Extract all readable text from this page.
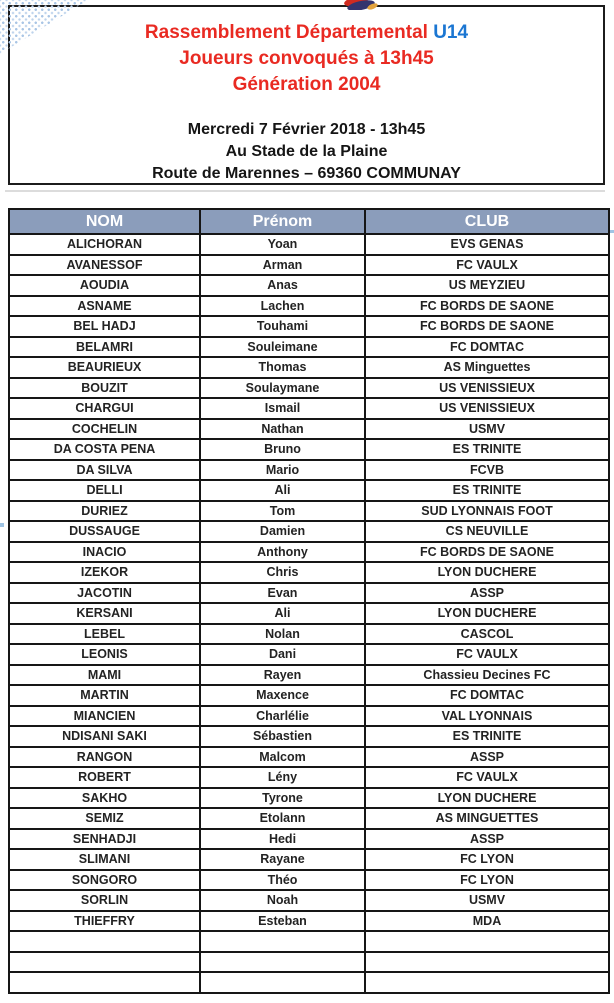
Rassemblement Départemental U14
Joueurs convoqués à 13h45
Génération 2004
Mercredi 7 Février 2018 - 13h45
Au Stade de la Plaine
Route de Marennes – 69360 COMMUNAY
NOM	Prénom	CLUB
ALICHORAN	Yoan	EVS GENAS
AVANESSOF	Arman	FC VAULX
AOUDIA	Anas	US MEYZIEU
ASNAME	Lachen	FC BORDS DE SAONE
BEL HADJ	Touhami	FC BORDS DE SAONE
BELAMRI	Souleimane	FC DOMTAC
BEAURIEUX	Thomas	AS Minguettes
BOUZIT	Soulaymane	US VENISSIEUX
CHARGUI	Ismail	US VENISSIEUX
COCHELIN	Nathan	USMV
DA COSTA PENA	Bruno	ES TRINITE
DA SILVA	Mario	FCVB
DELLI	Ali	ES TRINITE
DURIEZ	Tom	SUD LYONNAIS FOOT
DUSSAUGE	Damien	CS NEUVILLE
INACIO	Anthony	FC BORDS DE SAONE
IZEKOR	Chris	LYON DUCHERE
JACOTIN	Evan	ASSP
KERSANI	Ali	LYON DUCHERE
LEBEL	Nolan	CASCOL
LEONIS	Dani	FC VAULX
MAMI	Rayen	Chassieu Decines FC
MARTIN	Maxence	FC DOMTAC
MIANCIEN	Charlélie	VAL LYONNAIS
NDISANI SAKI	Sébastien	ES TRINITE
RANGON	Malcom	ASSP
ROBERT	Lény	FC VAULX
SAKHO	Tyrone	LYON DUCHERE
SEMIZ	Etolann	AS MINGUETTES
SENHADJI	Hedi	ASSP
SLIMANI	Rayane	FC LYON
SONGORO	Théo	FC LYON
SORLIN	Noah	USMV
THIEFFRY	Esteban	MDA
